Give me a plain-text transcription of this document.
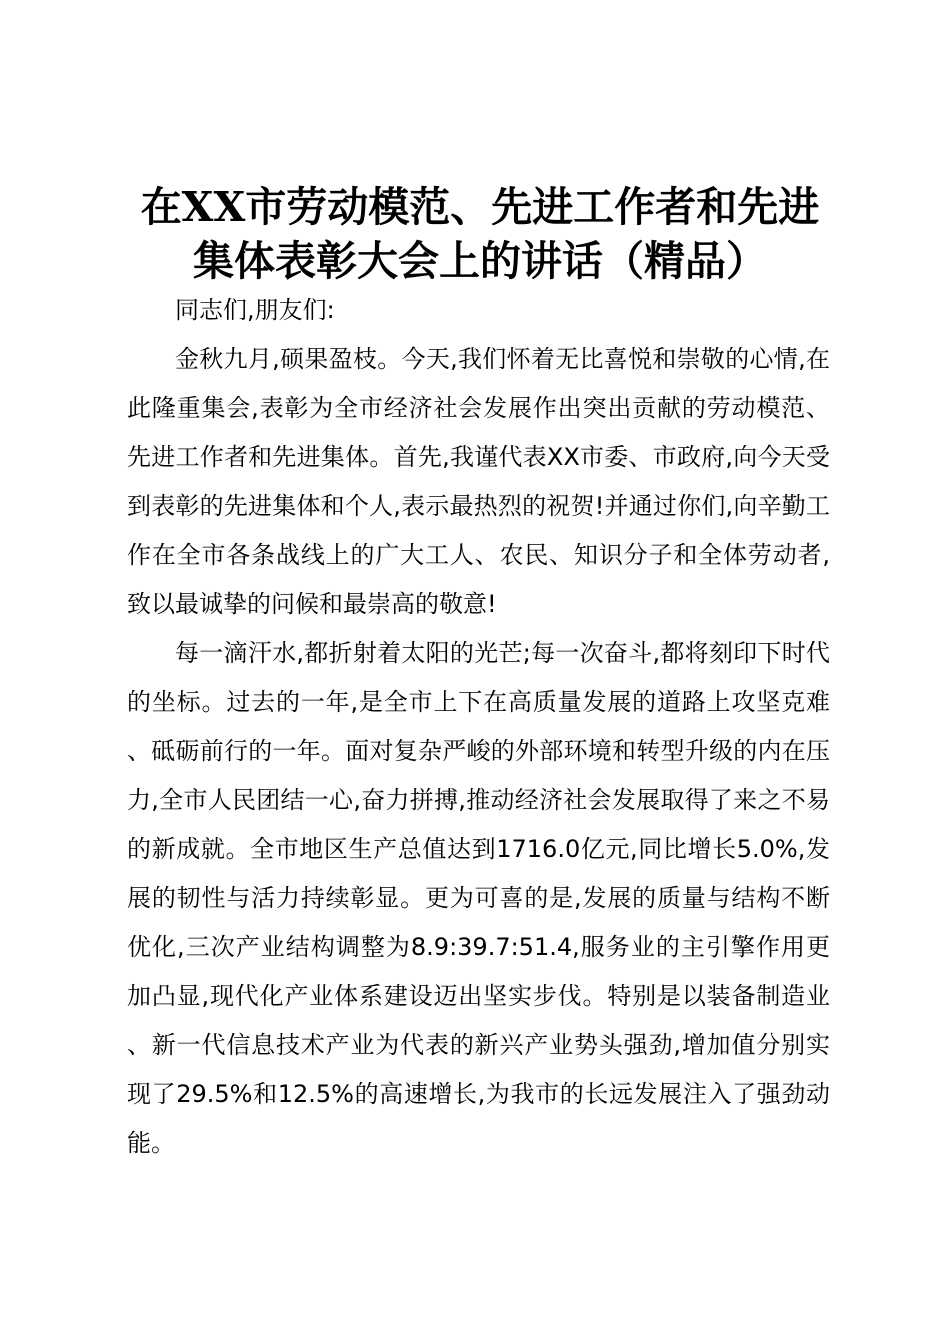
在XX市劳动模范、先进工作者和先进
集体表彰大会上的讲话（精品）

同志们,朋友们:

金秋九月,硕果盈枝。今天,我们怀着无比喜悦和崇敬的心情,在此隆重集会,表彰为全市经济社会发展作出突出贡献的劳动模范、先进工作者和先进集体。首先,我谨代表XX市委、市政府,向今天受到表彰的先进集体和个人,表示最热烈的祝贺!并通过你们,向辛勤工作在全市各条战线上的广大工人、农民、知识分子和全体劳动者,致以最诚挚的问候和最崇高的敬意!

每一滴汗水,都折射着太阳的光芒;每一次奋斗,都将刻印下时代的坐标。过去的一年,是全市上下在高质量发展的道路上攻坚克难、砥砺前行的一年。面对复杂严峻的外部环境和转型升级的内在压力,全市人民团结一心,奋力拼搏,推动经济社会发展取得了来之不易的新成就。全市地区生产总值达到1716.0亿元,同比增长5.0%,发展的韧性与活力持续彰显。更为可喜的是,发展的质量与结构不断优化,三次产业结构调整为8.9:39.7:51.4,服务业的主引擎作用更加凸显,现代化产业体系建设迈出坚实步伐。特别是以装备制造业、新一代信息技术产业为代表的新兴产业势头强劲,增加值分别实现了29.5%和12.5%的高速增长,为我市的长远发展注入了强劲动能。
